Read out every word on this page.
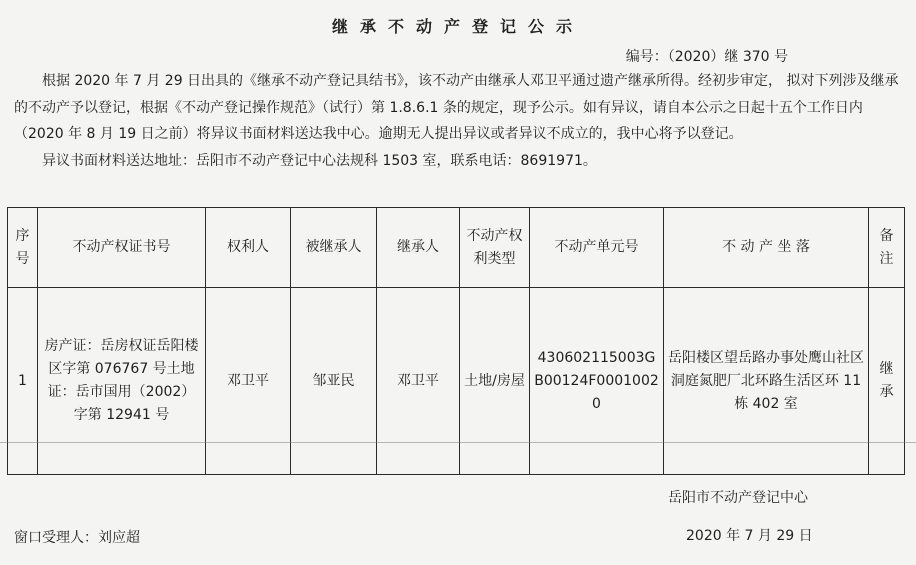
继承不动产登记公示
编号：（2020）继 370 号

根据 2020 年 7 月 29 日出具的《继承不动产登记具结书》，该不动产由继承人邓卫平通过遗产继承所得。经初步审定， 拟对下列涉及继承的不动产予以登记，根据《不动产登记操作规范》（试行）第 1.8.6.1 条的规定，现予公示。如有异议，请自本公示之日起十五个工作日内（2020 年 8 月 19 日之前）将异议书面材料送达我中心。逾期无人提出异议或者异议不成立的，我中心将予以登记。

异议书面材料送达地址：岳阳市不动产登记中心法规科 1503 室，联系电话：8691971。

序号	不动产权证书号	权利人	被继承人	继承人	不动产权利类型	不动产单元号	不 动 产 坐 落	备注
1	房产证：岳房权证岳阳楼区字第 076767 号土地证：岳市国用（2002）字第 12941 号	邓卫平	邹亚民	邓卫平	土地/房屋	430602115003GB00124F00010020	岳阳楼区望岳路办事处鹰山社区洞庭氮肥厂北环路生活区环 11 栋 402 室	继承
岳阳市不动产登记中心
窗口受理人：刘应超	2020 年 7 月 29 日
